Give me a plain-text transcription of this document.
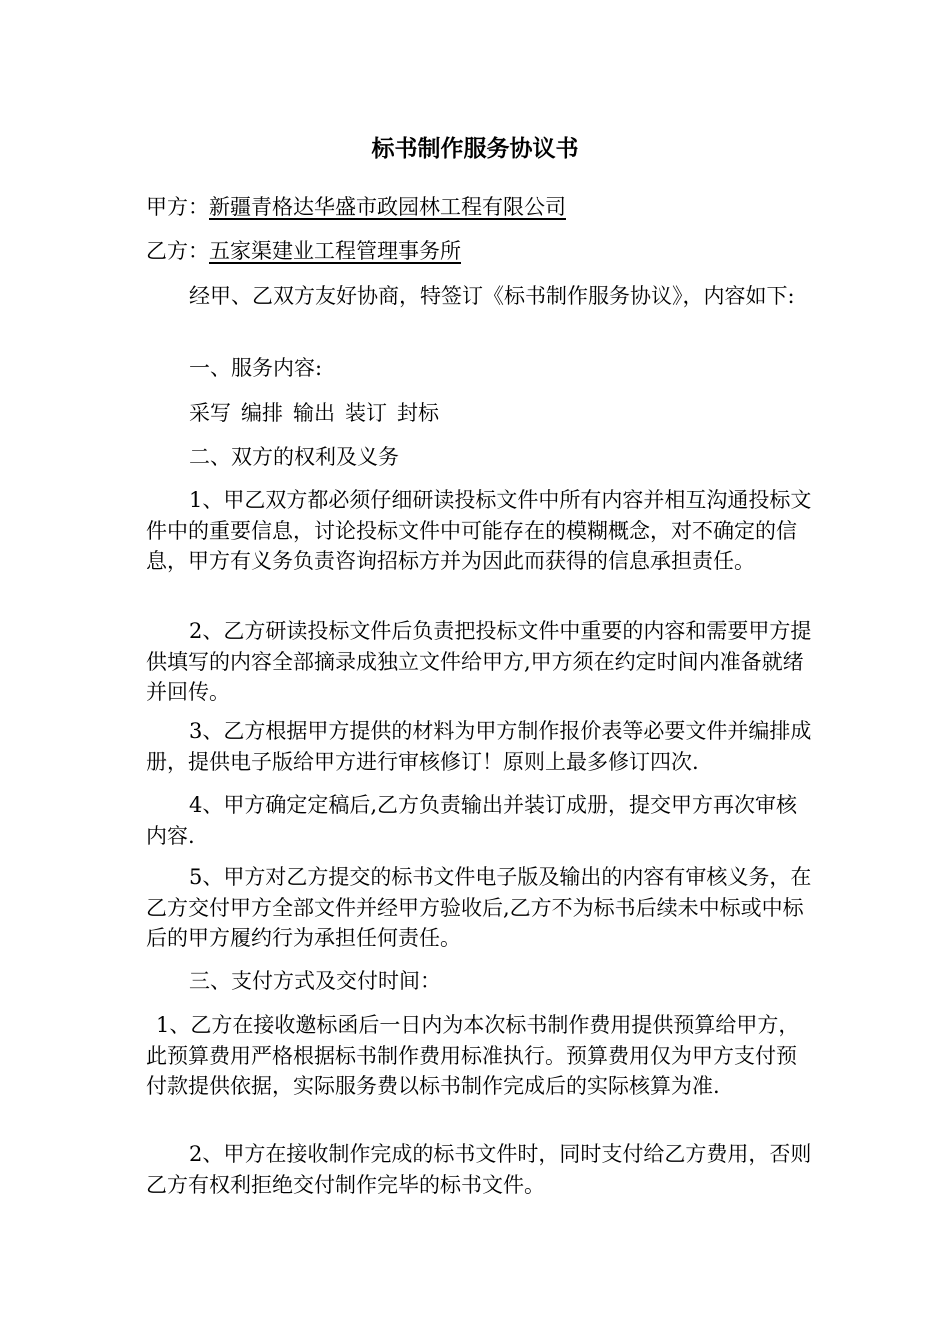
标书制作服务协议书
甲方：新疆青格达华盛市政园林工程有限公司
乙方：五家渠建业工程管理事务所
经甲、乙双方友好协商，特签订《标书制作服务协议》，内容如下:
一、服务内容:
采写 编排 输出 装订 封标
二、双方的权利及义务
1、甲乙双方都必须仔细研读投标文件中所有内容并相互沟通投标文件中的重要信息，讨论投标文件中可能存在的模糊概念，对不确定的信息，甲方有义务负责咨询招标方并为因此而获得的信息承担责任。
2、乙方研读投标文件后负责把投标文件中重要的内容和需要甲方提供填写的内容全部摘录成独立文件给甲方,甲方须在约定时间内准备就绪并回传。
3、乙方根据甲方提供的材料为甲方制作报价表等必要文件并编排成册，提供电子版给甲方进行审核修订！原则上最多修订四次.
4、甲方确定定稿后,乙方负责输出并装订成册，提交甲方再次审核内容.
5、甲方对乙方提交的标书文件电子版及输出的内容有审核义务，在乙方交付甲方全部文件并经甲方验收后,乙方不为标书后续未中标或中标后的甲方履约行为承担任何责任。
三、支付方式及交付时间：
1、乙方在接收邀标函后一日内为本次标书制作费用提供预算给甲方，此预算费用严格根据标书制作费用标准执行。预算费用仅为甲方支付预付款提供依据，实际服务费以标书制作完成后的实际核算为准.
2、甲方在接收制作完成的标书文件时，同时支付给乙方费用，否则乙方有权利拒绝交付制作完毕的标书文件。
